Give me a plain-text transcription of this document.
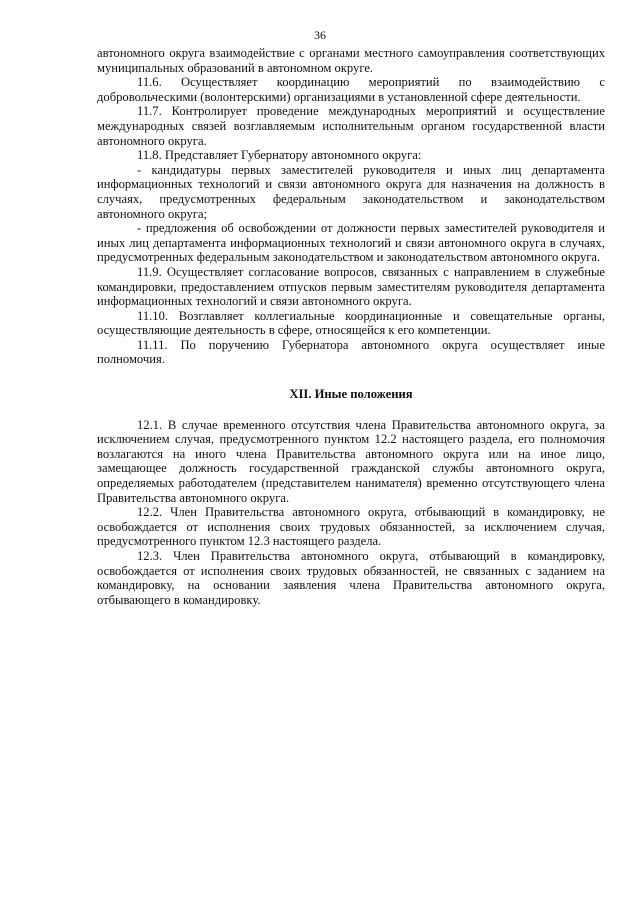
36

автономного округа взаимодействие с органами местного самоуправления соответствующих муниципальных образований в автономном округе.

11.6. Осуществляет координацию мероприятий по взаимодействию с добровольческими (волонтерскими) организациями в установленной сфере деятельности.

11.7. Контролирует проведение международных мероприятий и осуществление международных связей возглавляемым исполнительным органом государственной власти автономного округа.

11.8. Представляет Губернатору автономного округа:

- кандидатуры первых заместителей руководителя и иных лиц департамента информационных технологий и связи автономного округа для назначения на должность в случаях, предусмотренных федеральным законодательством и законодательством автономного округа;

- предложения об освобождении от должности первых заместителей руководителя и иных лиц департамента информационных технологий и связи автономного округа в случаях, предусмотренных федеральным законодательством и законодательством автономного округа.

11.9. Осуществляет согласование вопросов, связанных с направлением в служебные командировки, предоставлением отпусков первым заместителям руководителя департамента информационных технологий и связи автономного округа.

11.10. Возглавляет коллегиальные координационные и совещательные органы, осуществляющие деятельность в сфере, относящейся к его компетенции.

11.11. По поручению Губернатора автономного округа осуществляет иные полномочия.

XII. Иные положения

12.1. В случае временного отсутствия члена Правительства автономного округа, за исключением случая, предусмотренного пунктом 12.2 настоящего раздела, его полномочия возлагаются на иного члена Правительства автономного округа или на иное лицо, замещающее должность государственной гражданской службы автономного округа, определяемых работодателем (представителем нанимателя) временно отсутствующего члена Правительства автономного округа.

12.2. Член Правительства автономного округа, отбывающий в командировку, не освобождается от исполнения своих трудовых обязанностей, за исключением случая, предусмотренного пунктом 12.3 настоящего раздела.

12.3. Член Правительства автономного округа, отбывающий в командировку, освобождается от исполнения своих трудовых обязанностей, не связанных с заданием на командировку, на основании заявления члена Правительства автономного округа, отбывающего в командировку.
